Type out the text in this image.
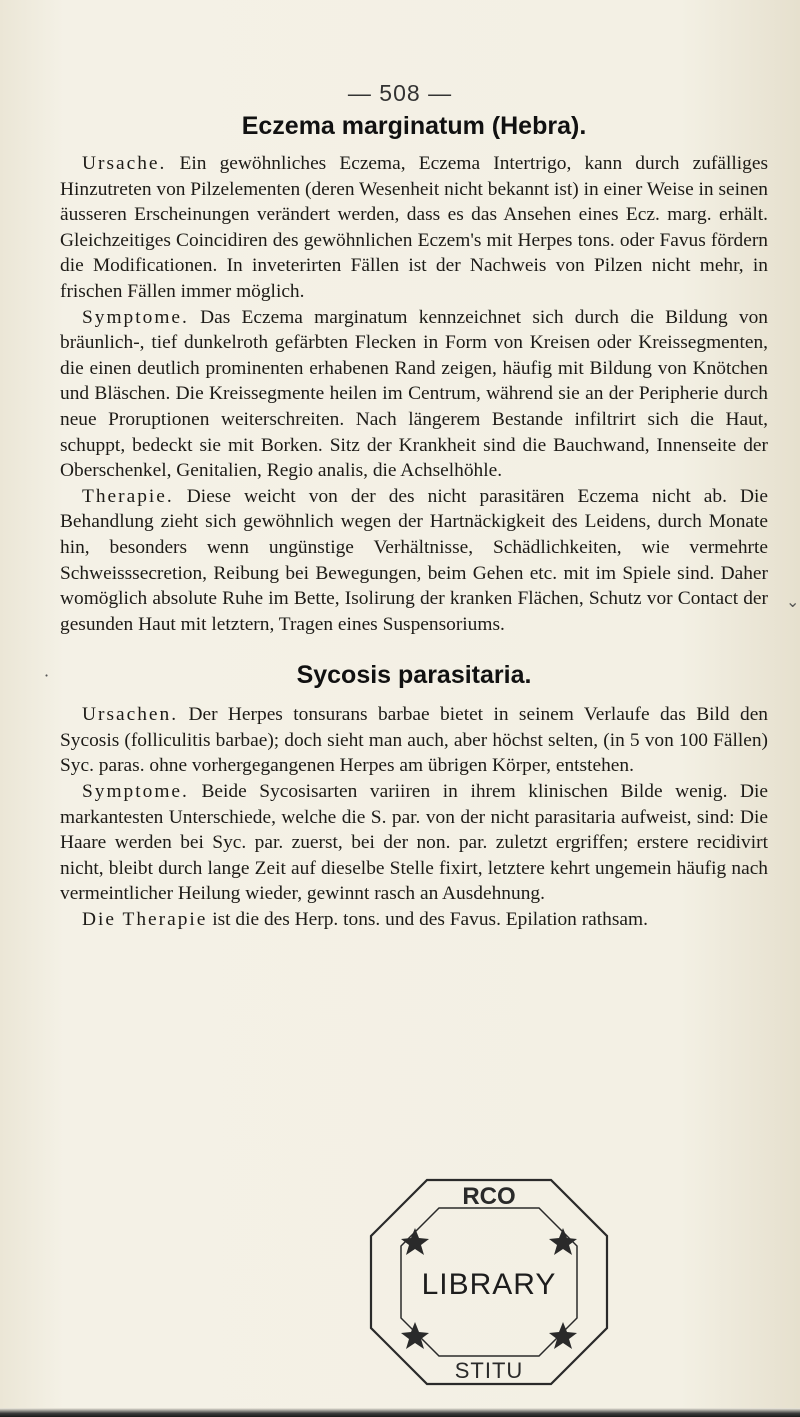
— 508 —
Eczema marginatum (Hebra).

Ursache. Ein gewöhnliches Eczema, Eczema Intertrigo, kann durch zufälliges Hinzutreten von Pilzelementen (deren Wesenheit nicht bekannt ist) in einer Weise in seinen äusseren Erscheinungen verändert werden, dass es das Ansehen eines Ecz. marg. erhält. Gleichzeitiges Coincidiren des gewöhnlichen Eczem's mit Herpes tons. oder Favus fördern die Modificationen. In inveterirten Fällen ist der Nachweis von Pilzen nicht mehr, in frischen Fällen immer möglich.

Symptome. Das Eczema marginatum kennzeichnet sich durch die Bildung von bräunlich-, tief dunkelroth gefärbten Flecken in Form von Kreisen oder Kreissegmenten, die einen deutlich prominenten erhabenen Rand zeigen, häufig mit Bildung von Knötchen und Bläschen. Die Kreissegmente heilen im Centrum, während sie an der Peripherie durch neue Proruptionen weiterschreiten. Nach längerem Bestande infiltrirt sich die Haut, schuppt, bedeckt sie mit Borken. Sitz der Krankheit sind die Bauchwand, Innenseite der Oberschenkel, Genitalien, Regio analis, die Achselhöhle.

Therapie. Diese weicht von der des nicht parasitären Eczema nicht ab. Die Behandlung zieht sich gewöhnlich wegen der Hartnäckigkeit des Leidens, durch Monate hin, besonders wenn ungünstige Verhältnisse, Schädlichkeiten, wie vermehrte Schweisssecretion, Reibung bei Bewegungen, beim Gehen etc. mit im Spiele sind. Daher womöglich absolute Ruhe im Bette, Isolirung der kranken Flächen, Schutz vor Contact der gesunden Haut mit letztern, Tragen eines Suspensoriums.

Sycosis parasitaria.

Ursachen. Der Herpes tonsurans barbae bietet in seinem Verlaufe das Bild den Sycosis (folliculitis barbae); doch sieht man auch, aber höchst selten, (in 5 von 100 Fällen) Syc. paras. ohne vorhergegangenen Herpes am übrigen Körper, entstehen.

Symptome. Beide Sycosisarten variiren in ihrem klinischen Bilde wenig. Die markantesten Unterschiede, welche die S. par. von der nicht parasitaria aufweist, sind: Die Haare werden bei Syc. par. zuerst, bei der non. par. zuletzt ergriffen; erstere recidivirt nicht, bleibt durch lange Zeit auf dieselbe Stelle fixirt, letztere kehrt ungemein häufig nach vermeintlicher Heilung wieder, gewinnt rasch an Ausdehnung.

Die Therapie ist die des Herp. tons. und des Favus. Epilation rathsam.

RCO
LIBRARY
STITU
⌄
·
